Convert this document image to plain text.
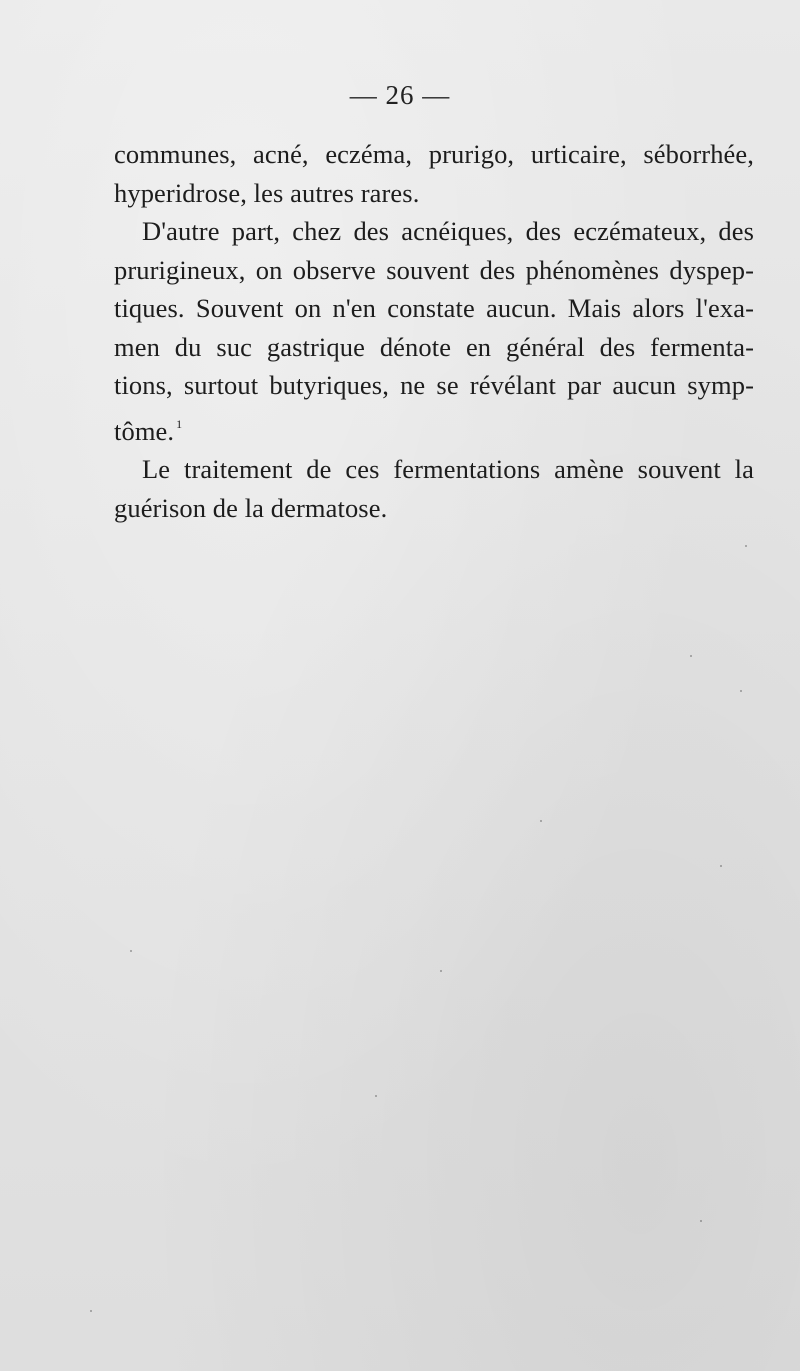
— 26 —
communes, acné, eczéma, prurigo, urticaire, séborrhée,
hyperidrose, les autres rares.
D'autre part, chez des acnéiques, des eczémateux, des
prurigineux, on observe souvent des phénomènes dyspep-
tiques. Souvent on n'en constate aucun. Mais alors l'exa-
men du suc gastrique dénote en général des fermenta-
tions, surtout butyriques, ne se révélant par aucun symp-
tôme. $^1$
Le traitement de ces fermentations amène souvent la
guérison de la dermatose.
